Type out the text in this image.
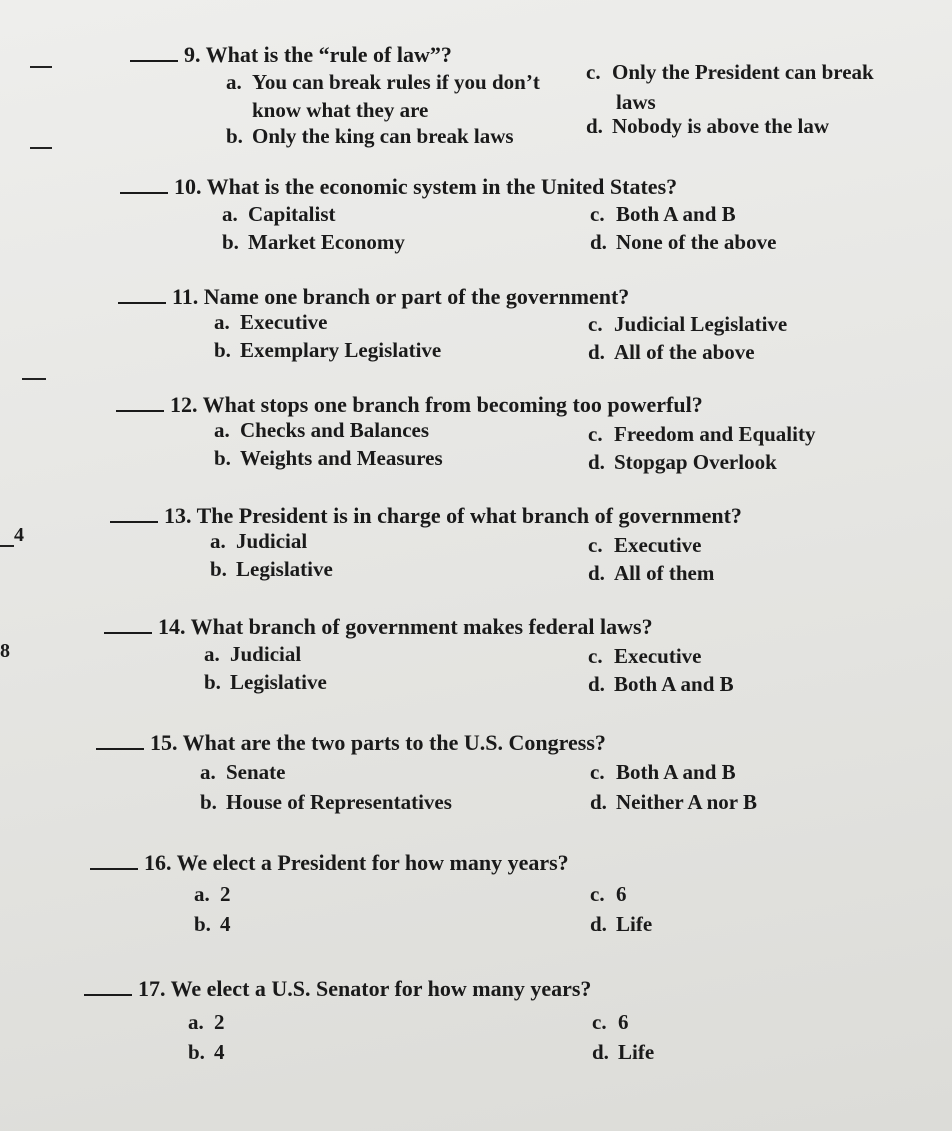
4
8
9. What is the “rule of law”?
a. You can break rules if you don’t
know what they are
b. Only the king can break laws
c. Only the President can break
laws
d. Nobody is above the law
10. What is the economic system in the United States?
a. Capitalist
b. Market Economy
c. Both A and B
d. None of the above
11. Name one branch or part of the government?
a. Executive
b. Exemplary Legislative
c. Judicial Legislative
d. All of the above
12. What stops one branch from becoming too powerful?
a. Checks and Balances
b. Weights and Measures
c. Freedom and Equality
d. Stopgap Overlook
13. The President is in charge of what branch of government?
a. Judicial
b. Legislative
c. Executive
d. All of them
14. What branch of government makes federal laws?
a. Judicial
b. Legislative
c. Executive
d. Both A and B
15. What are the two parts to the U.S. Congress?
a. Senate
b. House of Representatives
c. Both A and B
d. Neither A nor B
16. We elect a President for how many years?
a. 2
b. 4
c. 6
d. Life
17. We elect a U.S. Senator for how many years?
a. 2
b. 4
c. 6
d. Life
